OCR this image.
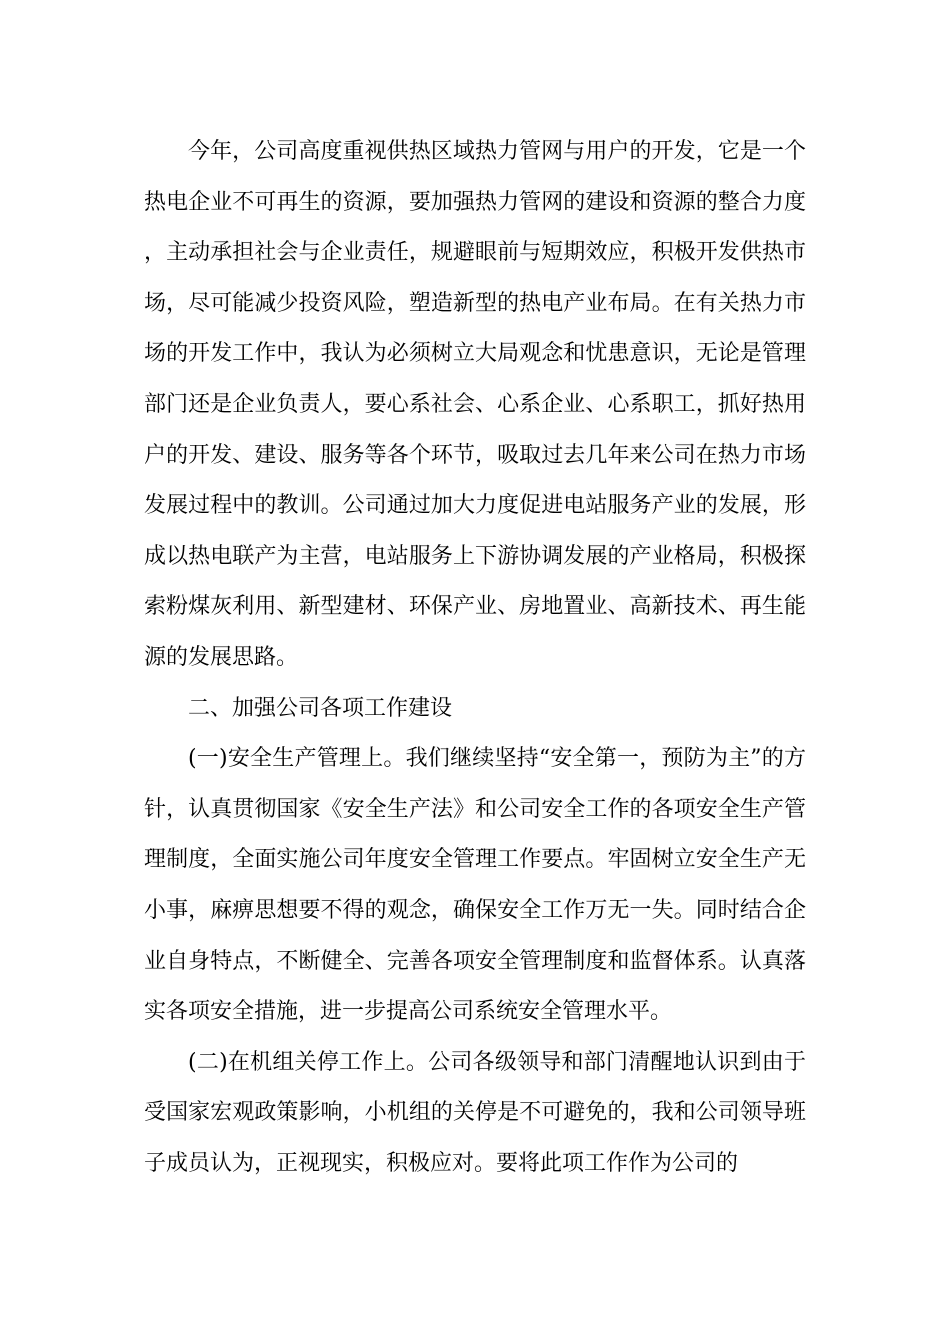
今年，公司高度重视供热区域热力管网与用户的开发，它是一个热电企业不可再生的资源，要加强热力管网的建设和资源的整合力度，主动承担社会与企业责任，规避眼前与短期效应，积极开发供热市场，尽可能减少投资风险，塑造新型的热电产业布局。在有关热力市场的开发工作中，我认为必须树立大局观念和忧患意识，无论是管理部门还是企业负责人，要心系社会、心系企业、心系职工，抓好热用户的开发、建设、服务等各个环节，吸取过去几年来公司在热力市场发展过程中的教训。公司通过加大力度促进电站服务产业的发展，形成以热电联产为主营，电站服务上下游协调发展的产业格局，积极探索粉煤灰利用、新型建材、环保产业、房地置业、高新技术、再生能源的发展思路。

二、加强公司各项工作建设

(一)安全生产管理上。我们继续坚持“安全第一，预防为主”的方针，认真贯彻国家《安全生产法》和公司安全工作的各项安全生产管理制度，全面实施公司年度安全管理工作要点。牢固树立安全生产无小事，麻痹思想要不得的观念，确保安全工作万无一失。同时结合企业自身特点，不断健全、完善各项安全管理制度和监督体系。认真落实各项安全措施，进一步提高公司系统安全管理水平。

(二)在机组关停工作上。公司各级领导和部门清醒地认识到由于受国家宏观政策影响，小机组的关停是不可避免的，我和公司领导班子成员认为，正视现实，积极应对。要将此项工作作为公司的
